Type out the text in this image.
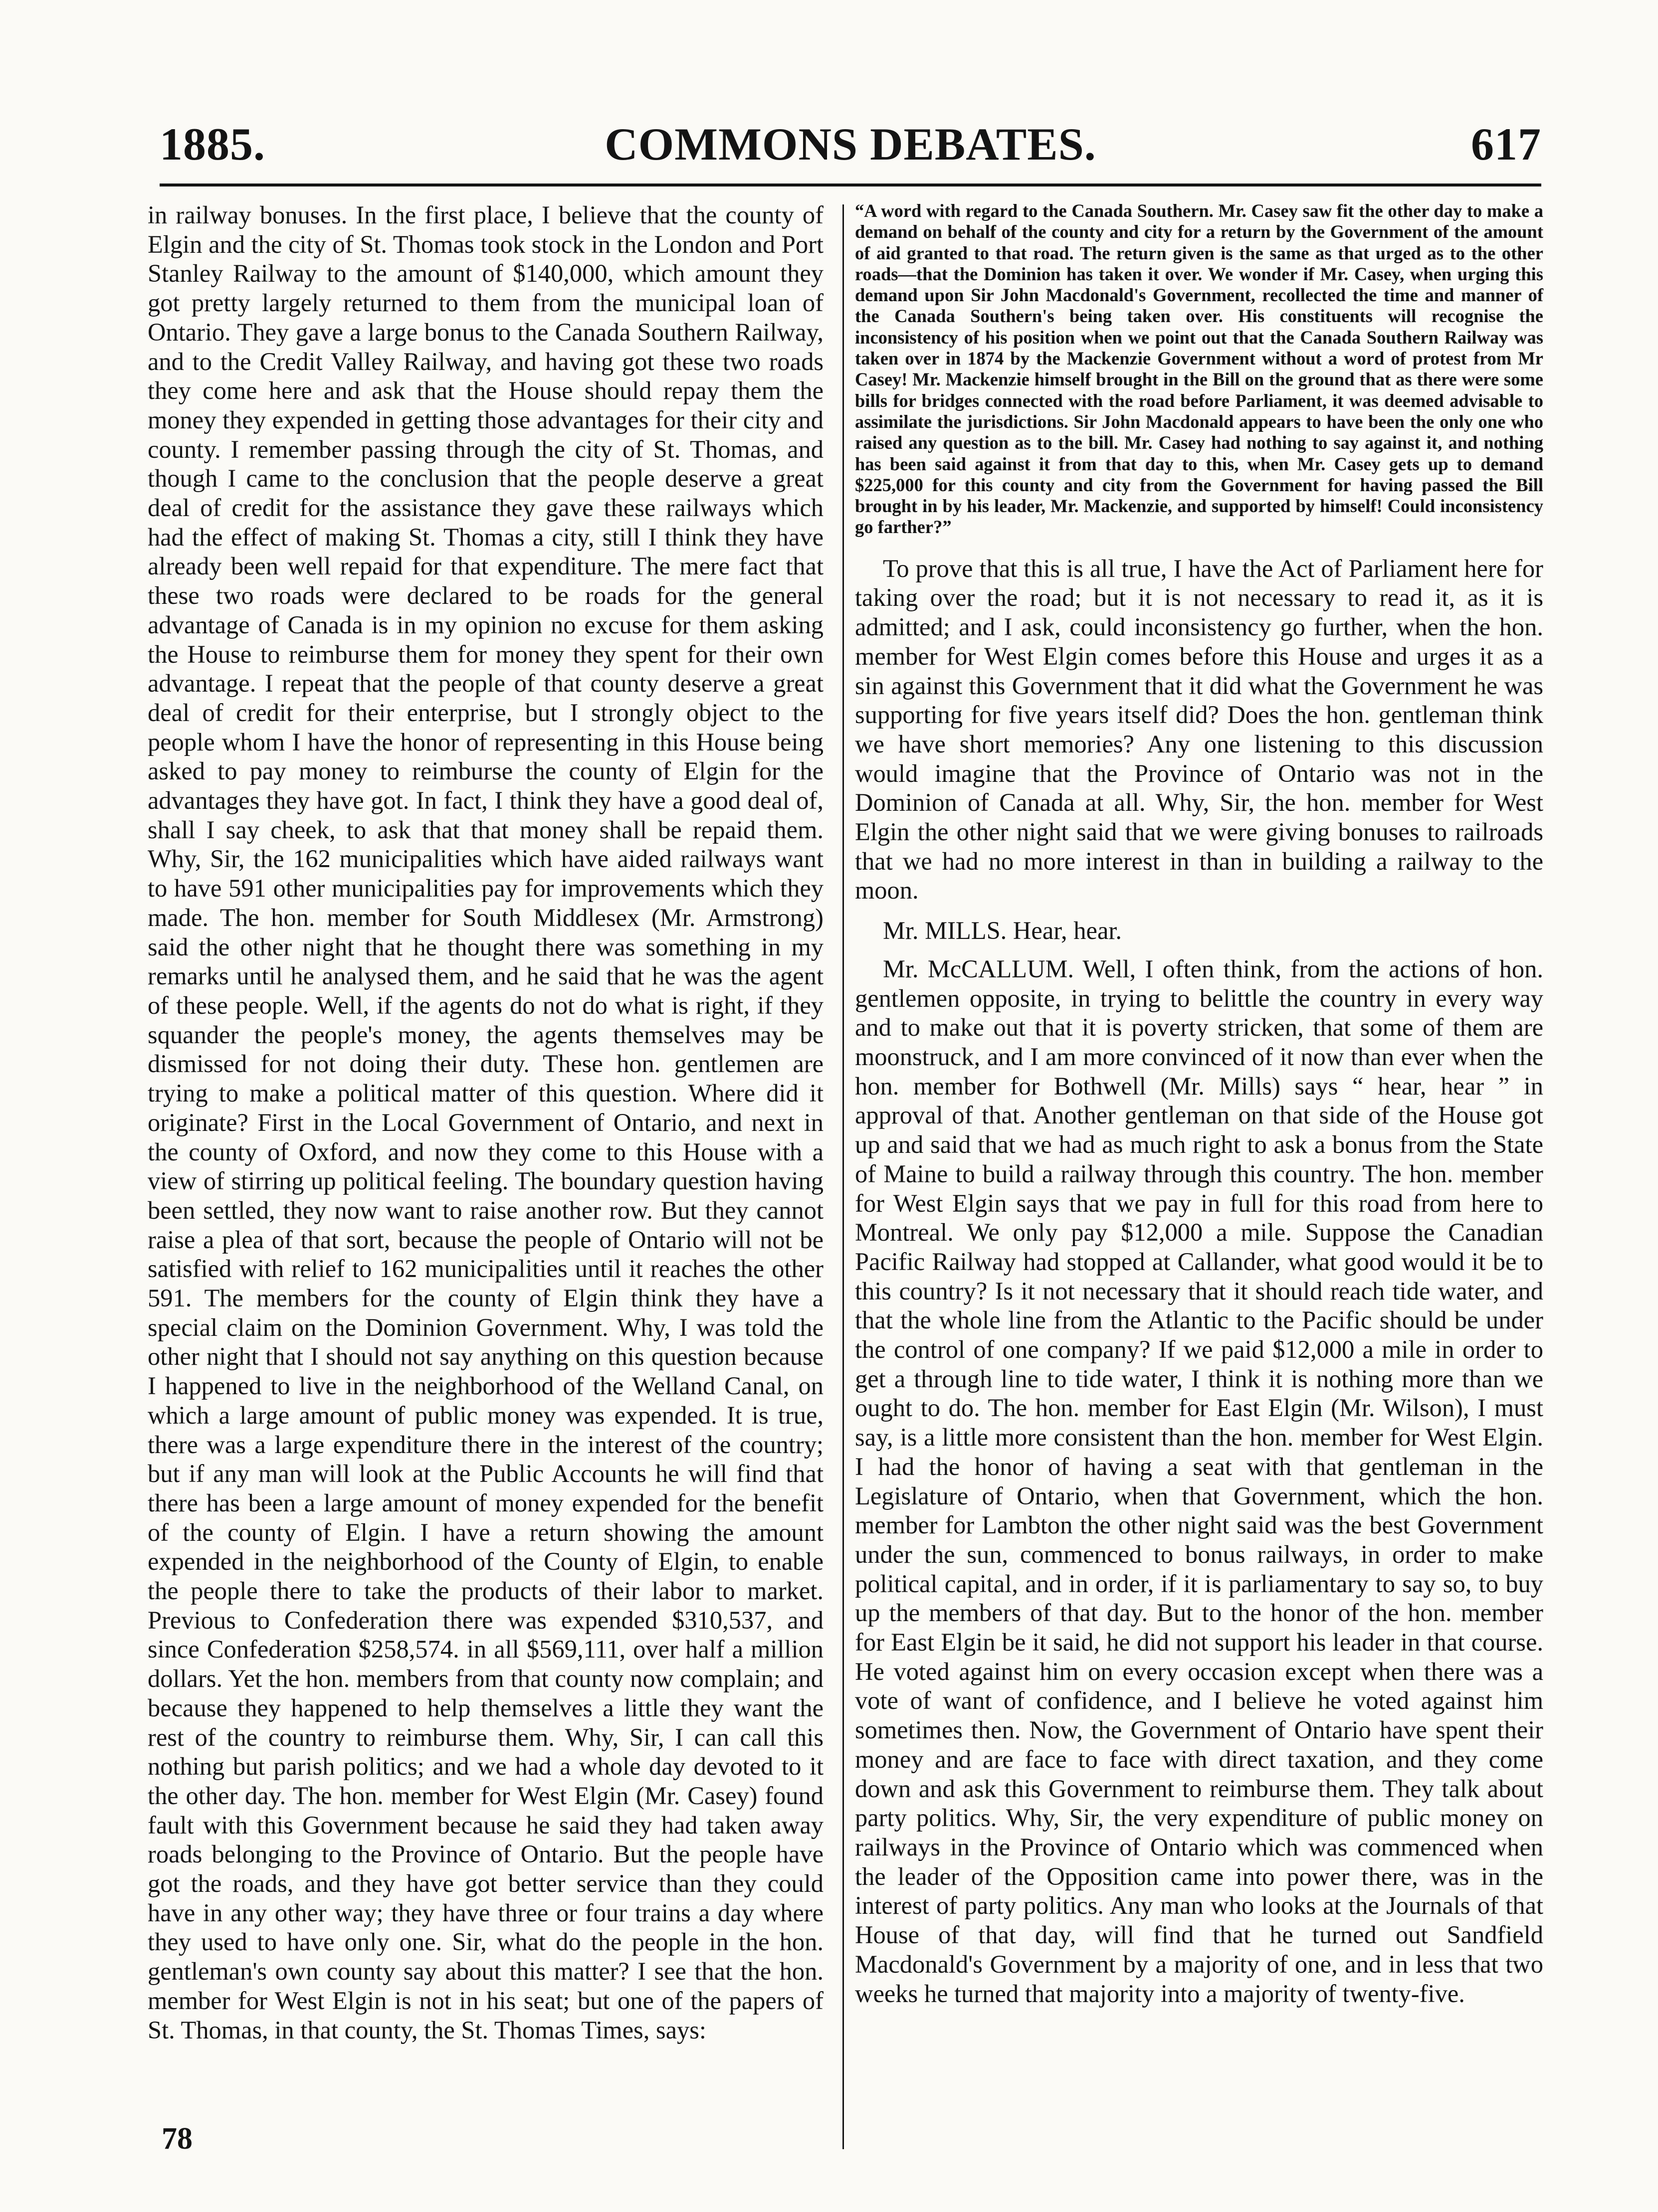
1885.	COMMONS DEBATES.	617

in railway bonuses. In the first place, I believe that the county of Elgin and the city of St. Thomas took stock in the London and Port Stanley Railway to the amount of $140,000, which amount they got pretty largely returned to them from the municipal loan of Ontario. They gave a large bonus to the Canada Southern Railway, and to the Credit Valley Railway, and having got these two roads they come here and ask that the House should repay them the money they expended in getting those advantages for their city and county. I remember passing through the city of St. Thomas, and though I came to the conclusion that the people deserve a great deal of credit for the assistance they gave these railways which had the effect of making St. Thomas a city, still I think they have already been well repaid for that expenditure. The mere fact that these two roads were declared to be roads for the general advantage of Canada is in my opinion no excuse for them asking the House to reimburse them for money they spent for their own advantage. I repeat that the people of that county deserve a great deal of credit for their enterprise, but I strongly object to the people whom I have the honor of representing in this House being asked to pay money to reimburse the county of Elgin for the advantages they have got. In fact, I think they have a good deal of, shall I say cheek, to ask that that money shall be repaid them. Why, Sir, the 162 municipalities which have aided railways want to have 591 other municipalities pay for improvements which they made. The hon. member for South Middlesex (Mr. Armstrong) said the other night that he thought there was something in my remarks until he analysed them, and he said that he was the agent of these people. Well, if the agents do not do what is right, if they squander the people's money, the agents themselves may be dismissed for not doing their duty. These hon. gentlemen are trying to make a political matter of this question. Where did it originate? First in the Local Government of Ontario, and next in the county of Oxford, and now they come to this House with a view of stirring up political feeling. The boundary question having been settled, they now want to raise another row. But they cannot raise a plea of that sort, because the people of Ontario will not be satisfied with relief to 162 municipalities until it reaches the other 591. The members for the county of Elgin think they have a special claim on the Dominion Government. Why, I was told the other night that I should not say anything on this question because I happened to live in the neighborhood of the Welland Canal, on which a large amount of public money was expended. It is true, there was a large expenditure there in the interest of the country; but if any man will look at the Public Accounts he will find that there has been a large amount of money expended for the benefit of the county of Elgin. I have a return showing the amount expended in the neighborhood of the County of Elgin, to enable the people there to take the products of their labor to market. Previous to Confederation there was expended $310,537, and since Confederation $258,574. in all $569,111, over half a million dollars. Yet the hon. members from that county now complain; and because they happened to help themselves a little they want the rest of the country to reimburse them. Why, Sir, I can call this nothing but parish politics; and we had a whole day devoted to it the other day. The hon. member for West Elgin (Mr. Casey) found fault with this Government because he said they had taken away roads belonging to the Province of Ontario. But the people have got the roads, and they have got better service than they could have in any other way; they have three or four trains a day where they used to have only one. Sir, what do the people in the hon. gentleman's own county say about this matter? I see that the hon. member for West Elgin is not in his seat; but one of the papers of St. Thomas, in that county, the St. Thomas Times, says:

“A word with regard to the Canada Southern. Mr. Casey saw fit the other day to make a demand on behalf of the county and city for a return by the Government of the amount of aid granted to that road. The return given is the same as that urged as to the other roads—that the Dominion has taken it over. We wonder if Mr. Casey, when urging this demand upon Sir John Macdonald's Government, recollected the time and manner of the Canada Southern's being taken over. His constituents will recognise the inconsistency of his position when we point out that the Canada Southern Railway was taken over in 1874 by the Mackenzie Government without a word of protest from Mr Casey! Mr. Mackenzie himself brought in the Bill on the ground that as there were some bills for bridges connected with the road before Parliament, it was deemed advisable to assimilate the jurisdictions. Sir John Macdonald appears to have been the only one who raised any question as to the bill. Mr. Casey had nothing to say against it, and nothing has been said against it from that day to this, when Mr. Casey gets up to demand $225,000 for this county and city from the Government for having passed the Bill brought in by his leader, Mr. Mackenzie, and supported by himself! Could inconsistency go farther?”

To prove that this is all true, I have the Act of Parliament here for taking over the road; but it is not necessary to read it, as it is admitted; and I ask, could inconsistency go further, when the hon. member for West Elgin comes before this House and urges it as a sin against this Government that it did what the Government he was supporting for five years itself did? Does the hon. gentleman think we have short memories? Any one listening to this discussion would imagine that the Province of Ontario was not in the Dominion of Canada at all. Why, Sir, the hon. member for West Elgin the other night said that we were giving bonuses to railroads that we had no more interest in than in building a railway to the moon.

Mr. MILLS. Hear, hear.

Mr. McCALLUM. Well, I often think, from the actions of hon. gentlemen opposite, in trying to belittle the country in every way and to make out that it is poverty stricken, that some of them are moonstruck, and I am more convinced of it now than ever when the hon. member for Bothwell (Mr. Mills) says “ hear, hear ” in approval of that. Another gentleman on that side of the House got up and said that we had as much right to ask a bonus from the State of Maine to build a railway through this country. The hon. member for West Elgin says that we pay in full for this road from here to Montreal. We only pay $12,000 a mile. Suppose the Canadian Pacific Railway had stopped at Callander, what good would it be to this country? Is it not necessary that it should reach tide water, and that the whole line from the Atlantic to the Pacific should be under the control of one company? If we paid $12,000 a mile in order to get a through line to tide water, I think it is nothing more than we ought to do. The hon. member for East Elgin (Mr. Wilson), I must say, is a little more consistent than the hon. member for West Elgin. I had the honor of having a seat with that gentleman in the Legislature of Ontario, when that Government, which the hon. member for Lambton the other night said was the best Government under the sun, commenced to bonus railways, in order to make political capital, and in order, if it is parliamentary to say so, to buy up the members of that day. But to the honor of the hon. member for East Elgin be it said, he did not support his leader in that course. He voted against him on every occasion except when there was a vote of want of confidence, and I believe he voted against him sometimes then. Now, the Government of Ontario have spent their money and are face to face with direct taxation, and they come down and ask this Government to reimburse them. They talk about party politics. Why, Sir, the very expenditure of public money on railways in the Province of Ontario which was commenced when the leader of the Opposition came into power there, was in the interest of party politics. Any man who looks at the Journals of that House of that day, will find that he turned out Sandfield Macdonald's Government by a majority of one, and in less that two weeks he turned that majority into a majority of twenty-five.

78
